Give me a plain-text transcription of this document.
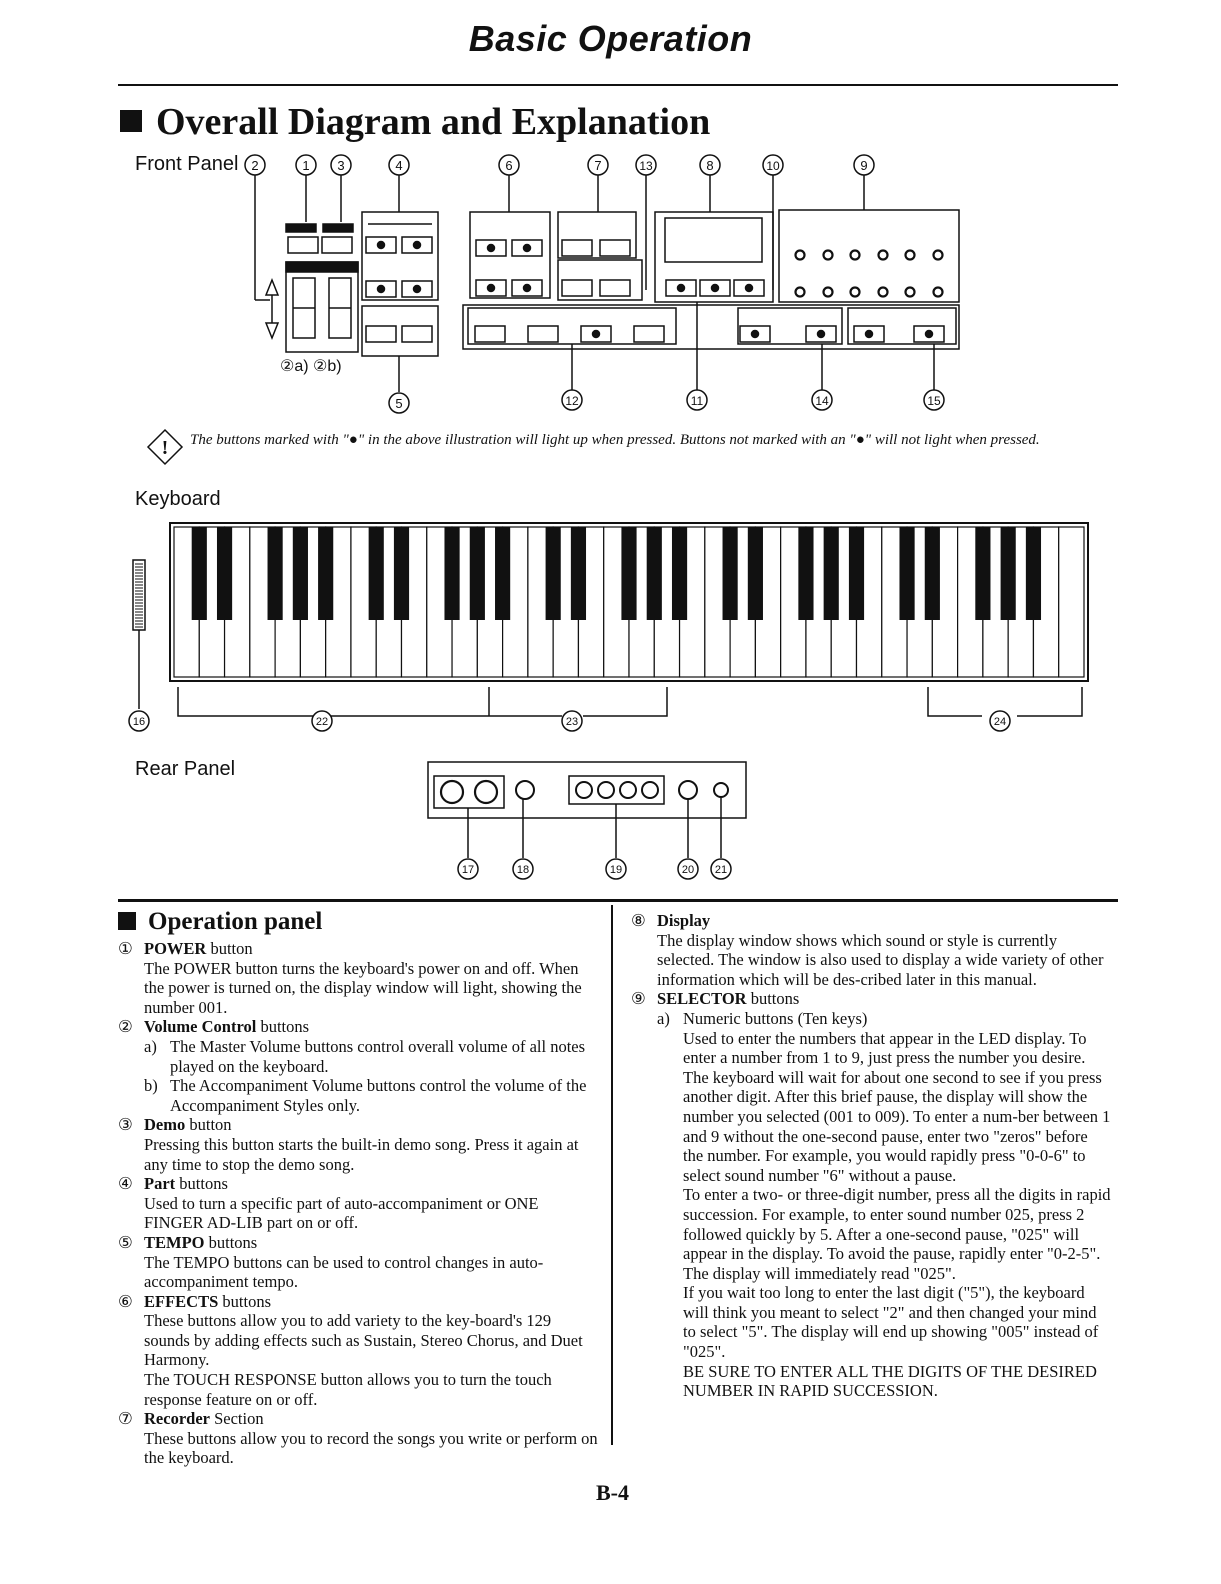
Basic Operation
Overall Diagram and Explanation
Front Panel 2	1 3	4	6	7	13	8	10	9
5	12	11	14	15
②a) ②b)
! The buttons marked with "●" in the above illustration will light up when pressed. Buttons not marked with an "●" will not light when pressed.
Keyboard
16	22	23	24
Rear Panel
17	18	19	20 21
Operation panel
① POWER button
The POWER button turns the keyboard's power on and off. When the power is turned on, the display window will light, showing the number 001.
② Volume Control buttons
a) The Master Volume buttons control overall volume of all notes played on the keyboard.
b) The Accompaniment Volume buttons control the volume of the Accompaniment Styles only.
③ Demo button
Pressing this button starts the built-in demo song. Press it again at any time to stop the demo song.
④ Part buttons
Used to turn a specific part of auto-accompaniment or ONE FINGER AD-LIB part on or off.
⑤ TEMPO buttons
The TEMPO buttons can be used to control changes in auto-accompaniment tempo.
⑥ EFFECTS buttons
These buttons allow you to add variety to the key-board's 129 sounds by adding effects such as Sustain, Stereo Chorus, and Duet Harmony.
The TOUCH RESPONSE button allows you to turn the touch response feature on or off.
⑦ Recorder Section
These buttons allow you to record the songs you write or perform on the keyboard.
⑧ Display
The display window shows which sound or style is currently selected. The window is also used to display a wide variety of other information which will be des-cribed later in this manual.
⑨ SELECTOR buttons
a) Numeric buttons (Ten keys)
Used to enter the numbers that appear in the LED display. To enter a number from 1 to 9, just press the number you desire. The keyboard will wait for about one second to see if you press another digit. After this brief pause, the display will show the number you selected (001 to 009). To enter a num-ber between 1 and 9 without the one-second pause, enter two "zeros" before the number. For example, you would rapidly press "0-0-6" to select sound number "6" without a pause.
To enter a two- or three-digit number, press all the digits in rapid succession. For example, to enter sound number 025, press 2 followed quickly by 5. After a one-second pause, "025" will appear in the display. To avoid the pause, rapidly enter "0-2-5". The display will immediately read "025".
If you wait too long to enter the last digit ("5"), the keyboard will think you meant to select "2" and then changed your mind to select "5". The display will end up showing "005" instead of "025".
BE SURE TO ENTER ALL THE DIGITS OF THE DESIRED NUMBER IN RAPID SUCCESSION.
B-4
